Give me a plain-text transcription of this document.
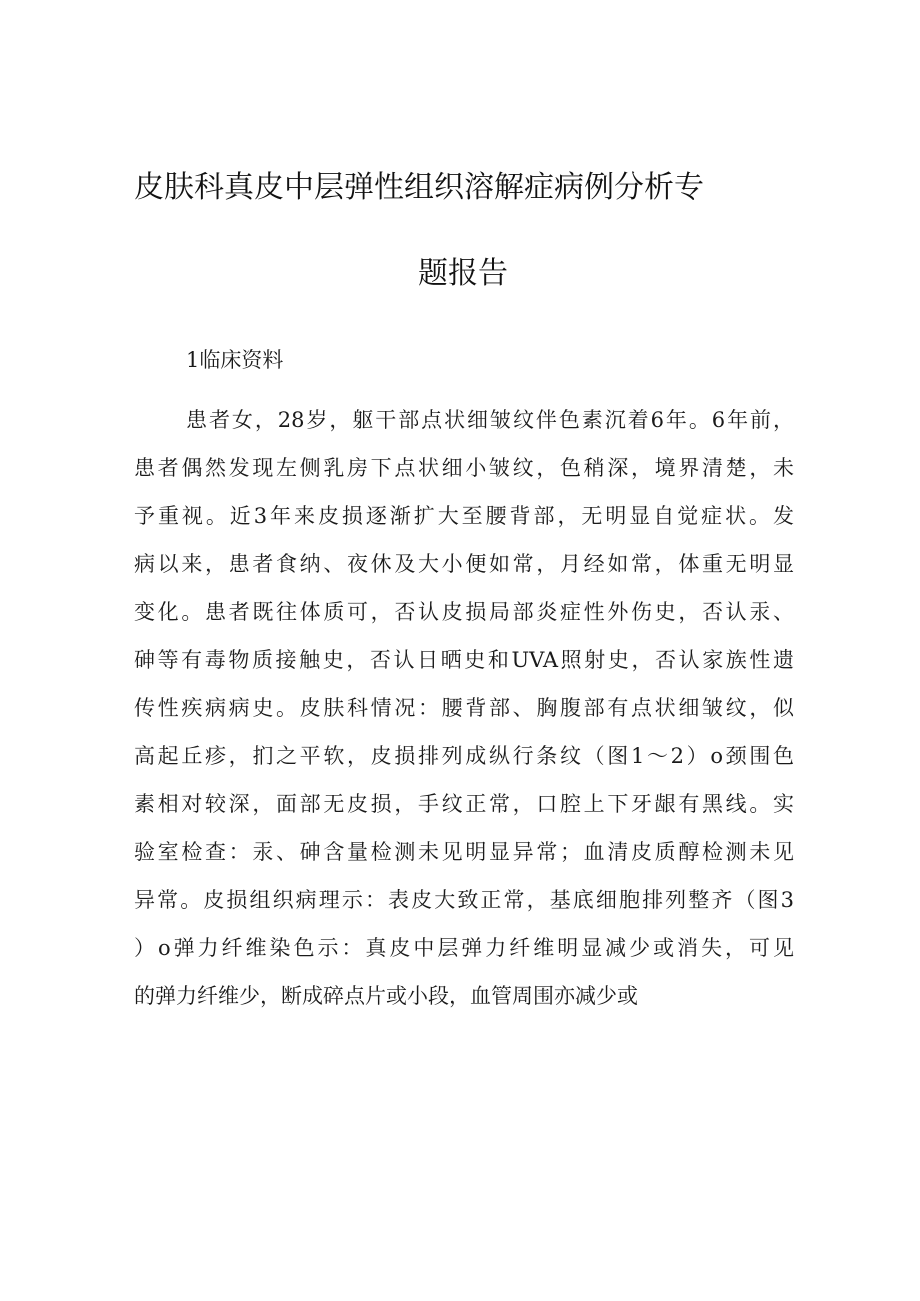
皮肤科真皮中层弹性组织溶解症病例分析专
题报告
1临床资料
患者女，28岁，躯干部点状细皱纹伴色素沉着6年。6年前，
患者偶然发现左侧乳房下点状细小皱纹，色稍深，境界清楚，未
予重视。近3年来皮损逐渐扩大至腰背部，无明显自觉症状。发
病以来，患者食纳、夜休及大小便如常，月经如常，体重无明显
变化。患者既往体质可，否认皮损局部炎症性外伤史，否认汞、
砷等有毒物质接触史，否认日晒史和UVA照射史，否认家族性遗
传性疾病病史。皮肤科情况：腰背部、胸腹部有点状细皱纹，似
高起丘疹，扪之平软，皮损排列成纵行条纹（图1～2）o颈围色
素相对较深，面部无皮损，手纹正常，口腔上下牙龈有黑线。实
验室检查：汞、砷含量检测未见明显异常；血清皮质醇检测未见
异常。皮损组织病理示：表皮大致正常，基底细胞排列整齐（图3
）o弹力纤维染色示：真皮中层弹力纤维明显减少或消失，可见
的弹力纤维少，断成碎点片或小段，血管周围亦减少或
